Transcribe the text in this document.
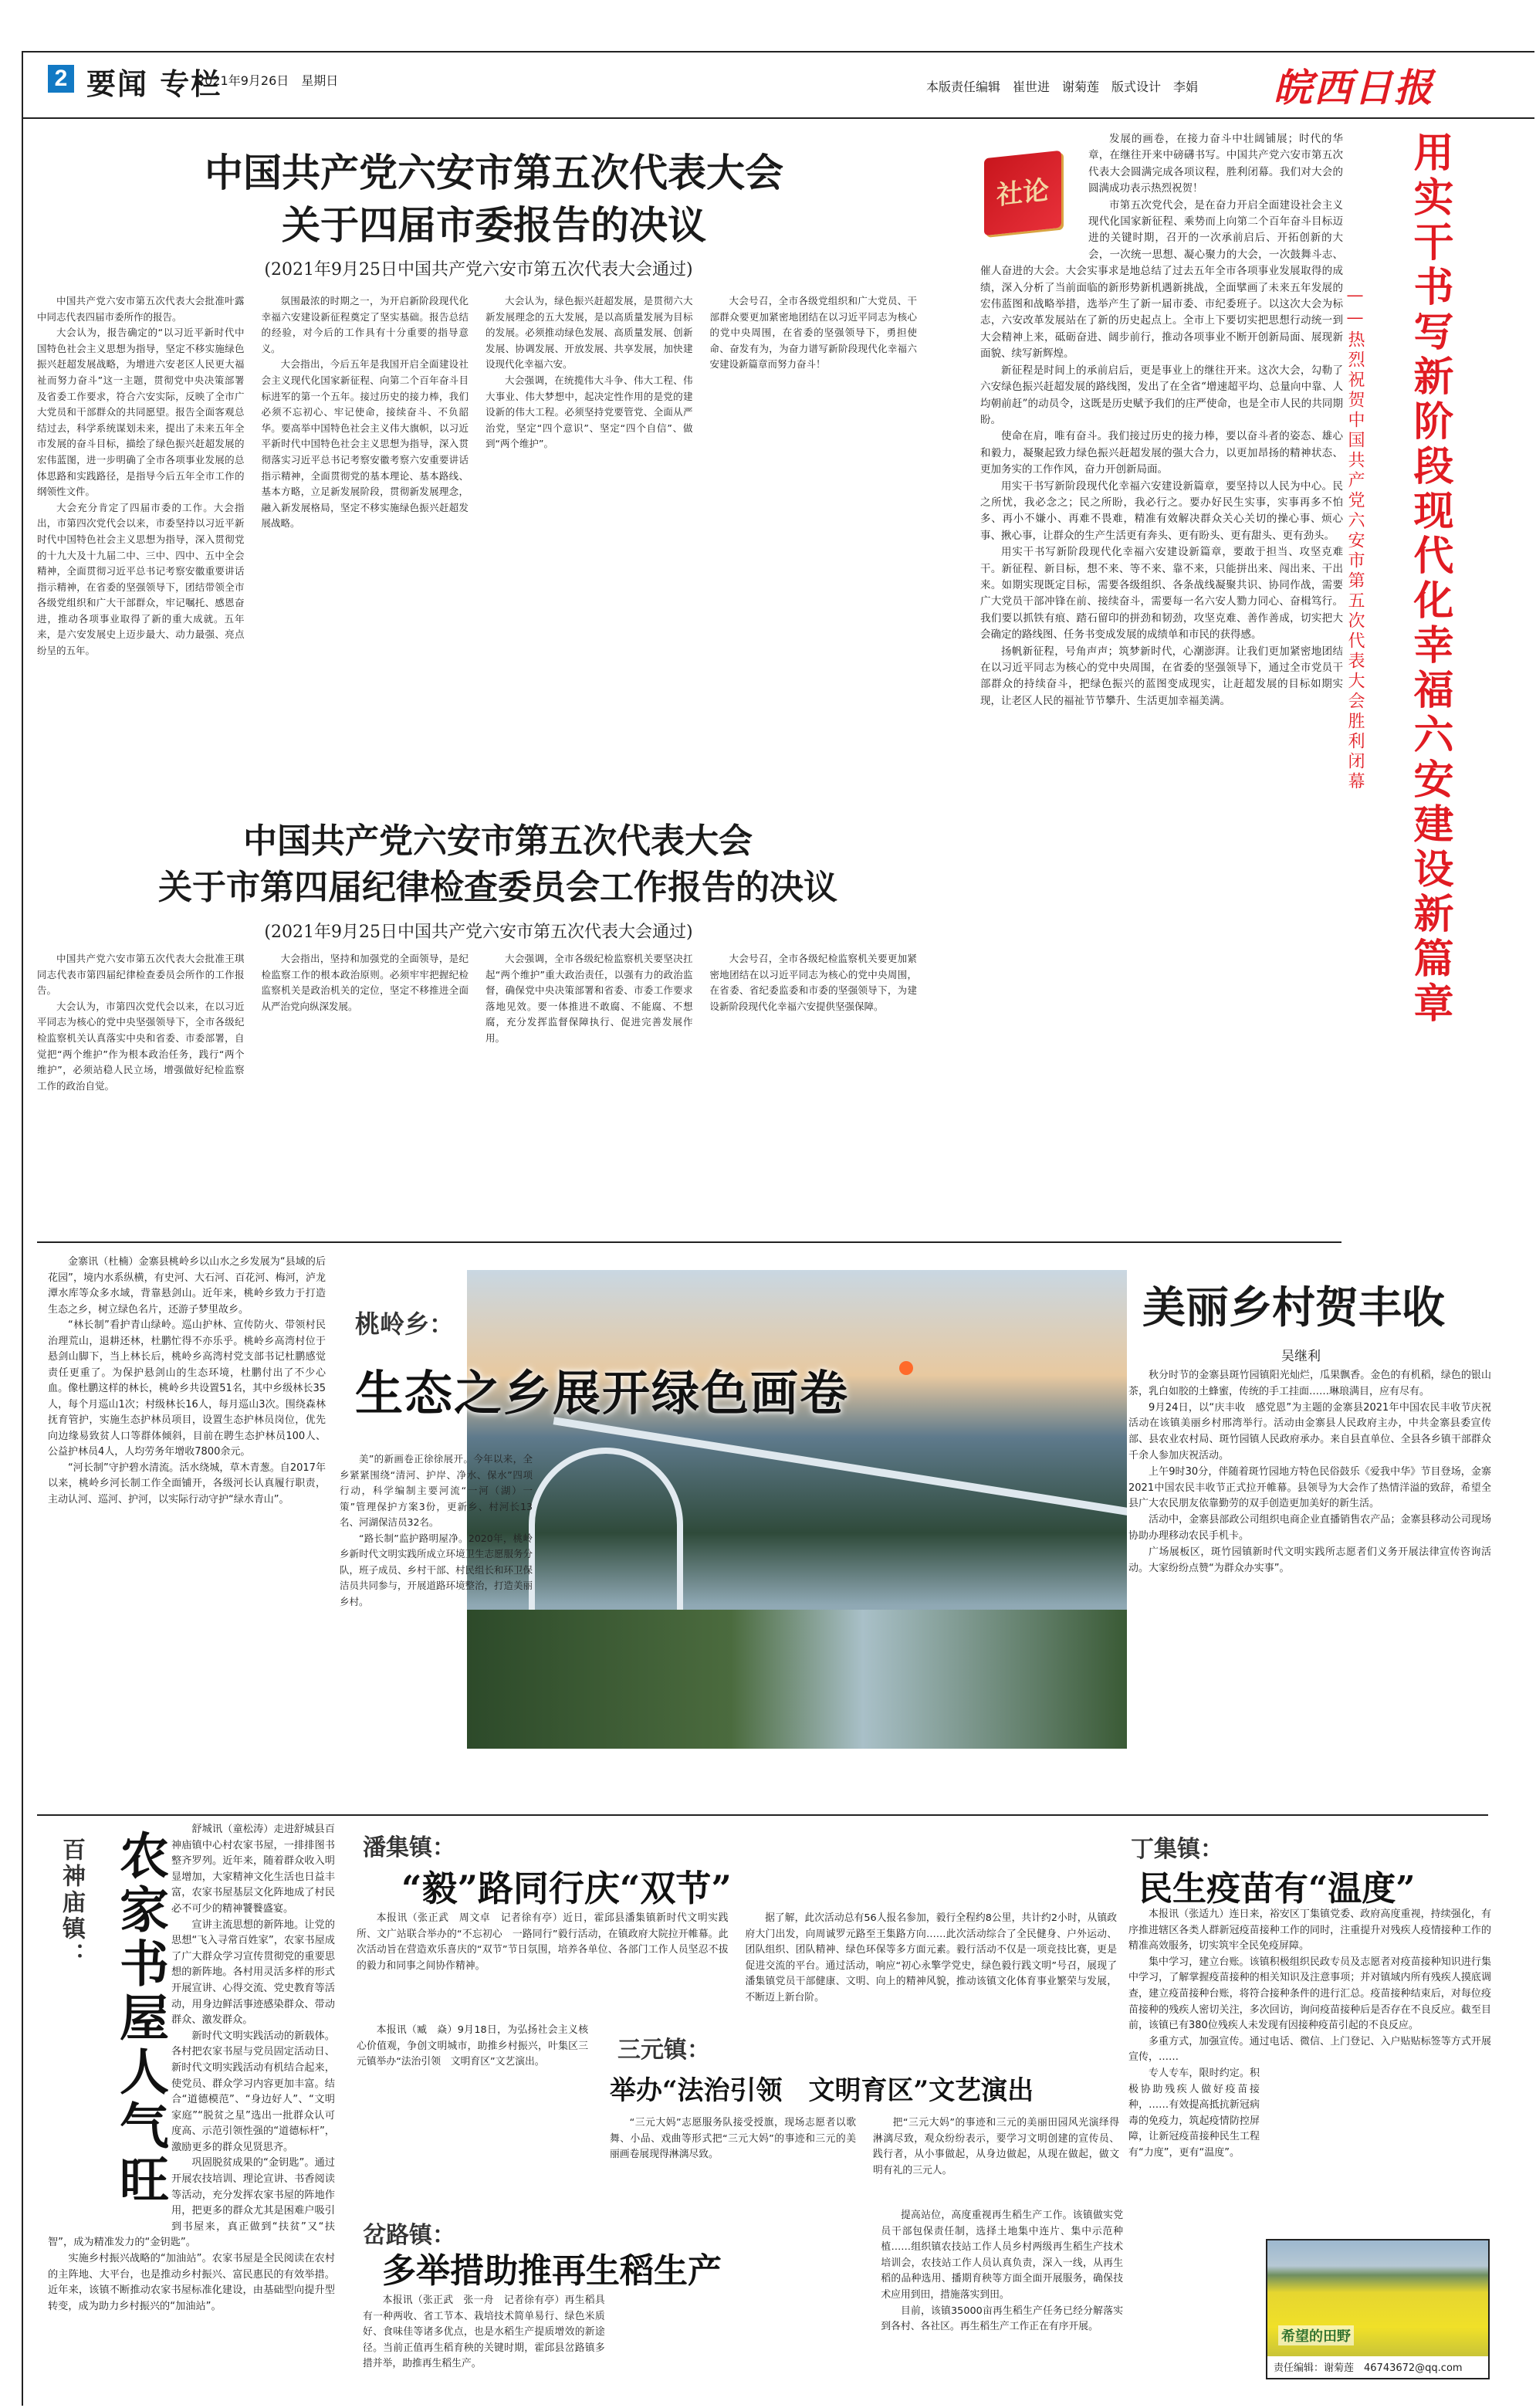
2 要闻 专栏
2021年9月26日　星期日	本版责任编辑　崔世进　谢菊莲　版式设计　李娟 皖西日报
中国共产党六安市第五次代表大会
关于四届市委报告的决议
(2021年9月25日中国共产党六安市第五次代表大会通过)

中国共产党六安市第五次代表大会批准叶露中同志代表四届市委所作的报告。

大会认为，报告确定的“以习近平新时代中国特色社会主义思想为指导，坚定不移实施绿色振兴赶超发展战略，为增进六安老区人民更大福祉而努力奋斗”这一主题，贯彻党中央决策部署及省委工作要求，符合六安实际，反映了全市广大党员和干部群众的共同愿望。报告全面客观总结过去，科学系统谋划未来，提出了未来五年全市发展的奋斗目标，描绘了绿色振兴赶超发展的宏伟蓝图，进一步明确了全市各项事业发展的总体思路和实践路径，是指导今后五年全市工作的纲领性文件。

大会充分肯定了四届市委的工作。大会指出，市第四次党代会以来，市委坚持以习近平新时代中国特色社会主义思想为指导，深入贯彻党的十九大及十九届二中、三中、四中、五中全会精神，全面贯彻习近平总书记考察安徽重要讲话指示精神，在省委的坚强领导下，团结带领全市各级党组织和广大干部群众，牢记嘱托、感恩奋进，推动各项事业取得了新的重大成就。五年来，是六安发展史上迈步最大、动力最强、亮点纷呈的五年。

氛围最浓的时期之一，为开启新阶段现代化幸福六安建设新征程奠定了坚实基础。报告总结的经验，对今后的工作具有十分重要的指导意义。

大会指出，今后五年是我国开启全面建设社会主义现代化国家新征程、向第二个百年奋斗目标进军的第一个五年。接过历史的接力棒，我们必须不忘初心、牢记使命，接续奋斗、不负韶华。要高举中国特色社会主义伟大旗帜，以习近平新时代中国特色社会主义思想为指导，深入贯彻落实习近平总书记考察安徽考察六安重要讲话指示精神，全面贯彻党的基本理论、基本路线、基本方略，立足新发展阶段，贯彻新发展理念，融入新发展格局，坚定不移实施绿色振兴赶超发展战略。

大会认为，绿色振兴赶超发展，是贯彻六大新发展理念的五大发展，是以高质量发展为目标的发展。必须推动绿色发展、高质量发展、创新发展、协调发展、开放发展、共享发展，加快建设现代化幸福六安。

大会强调，在统揽伟大斗争、伟大工程、伟大事业、伟大梦想中，起决定性作用的是党的建设新的伟大工程。必须坚持党要管党、全面从严治党，坚定“四个意识”、坚定“四个自信”、做到“两个维护”。

大会号召，全市各级党组织和广大党员、干部群众要更加紧密地团结在以习近平同志为核心的党中央周围，在省委的坚强领导下，勇担使命、奋发有为，为奋力谱写新阶段现代化幸福六安建设新篇章而努力奋斗！

社论

发展的画卷，在接力奋斗中壮阔铺展；时代的华章，在继往开来中磅礴书写。中国共产党六安市第五次代表大会圆满完成各项议程，胜利闭幕。我们对大会的圆满成功表示热烈祝贺！

市第五次党代会，是在奋力开启全面建设社会主义现代化国家新征程、乘势而上向第二个百年奋斗目标迈进的关键时期，召开的一次承前启后、开拓创新的大会，一次统一思想、凝心聚力的大会，一次鼓舞斗志、催人奋进的大会。大会实事求是地总结了过去五年全市各项事业发展取得的成绩，深入分析了当前面临的新形势新机遇新挑战，全面擘画了未来五年发展的宏伟蓝图和战略举措，选举产生了新一届市委、市纪委班子。以这次大会为标志，六安改革发展站在了新的历史起点上。全市上下要切实把思想行动统一到大会精神上来，砥砺奋进、阔步前行，推动各项事业不断开创新局面、展现新面貌、续写新辉煌。

新征程是时间上的承前启后，更是事业上的继往开来。这次大会，勾勒了六安绿色振兴赶超发展的路线图，发出了在全省“增速超平均、总量向中靠、人均朝前赶”的动员令，这既是历史赋予我们的庄严使命，也是全市人民的共同期盼。

使命在肩，唯有奋斗。我们接过历史的接力棒，要以奋斗者的姿态、雄心和毅力，凝聚起致力绿色振兴赶超发展的强大合力，以更加昂扬的精神状态、更加务实的工作作风，奋力开创新局面。

用实干书写新阶段现代化幸福六安建设新篇章，要坚持以人民为中心。民之所忧，我必念之；民之所盼，我必行之。要办好民生实事，实事再多不怕多、再小不嫌小、再难不畏难，精准有效解决群众关心关切的操心事、烦心事、揪心事，让群众的生产生活更有奔头、更有盼头、更有甜头、更有劲头。

用实干书写新阶段现代化幸福六安建设新篇章，要敢于担当、攻坚克难干。新征程、新目标，想不来、等不来、靠不来，只能拼出来、闯出来、干出来。如期实现既定目标，需要各级组织、各条战线凝聚共识、协同作战，需要广大党员干部冲锋在前、接续奋斗，需要每一名六安人勠力同心、奋楫笃行。我们要以抓铁有痕、踏石留印的拼劲和韧劲，攻坚克难、善作善成，切实把大会确定的路线图、任务书变成发展的成绩单和市民的获得感。

扬帆新征程，号角声声；筑梦新时代，心潮澎湃。让我们更加紧密地团结在以习近平同志为核心的党中央周围，在省委的坚强领导下，通过全市党员干部群众的持续奋斗，把绿色振兴的蓝图变成现实，让赶超发展的目标如期实现，让老区人民的福祉节节攀升、生活更加幸福美满。	用实干书写新阶段现代化幸福六安建设新篇章
——热烈祝贺中国共产党六安市第五次代表大会胜利闭幕
中国共产党六安市第五次代表大会
关于市第四届纪律检查委员会工作报告的决议
(2021年9月25日中国共产党六安市第五次代表大会通过)

中国共产党六安市第五次代表大会批准王琪同志代表市第四届纪律检查委员会所作的工作报告。

大会认为，市第四次党代会以来，在以习近平同志为核心的党中央坚强领导下，全市各级纪检监察机关认真落实中央和省委、市委部署，自觉把“两个维护”作为根本政治任务，践行“两个维护”，必须站稳人民立场，增强做好纪检监察工作的政治自觉。

大会指出，坚持和加强党的全面领导，是纪检监察工作的根本政治原则。必须牢牢把握纪检监察机关是政治机关的定位，坚定不移推进全面从严治党向纵深发展。

大会强调，全市各级纪检监察机关要坚决扛起“两个维护”重大政治责任，以强有力的政治监督，确保党中央决策部署和省委、市委工作要求落地见效。要一体推进不敢腐、不能腐、不想腐，充分发挥监督保障执行、促进完善发展作用。

大会号召，全市各级纪检监察机关要更加紧密地团结在以习近平同志为核心的党中央周围，在省委、省纪委监委和市委的坚强领导下，为建设新阶段现代化幸福六安提供坚强保障。

金寨讯（杜楠）金寨县桃岭乡以山水之乡发展为“县域的后花园”，境内水系纵横，有史河、大石河、百花河、梅河，泸龙潭水库等众多水域，背靠悬剑山。近年来，桃岭乡致力于打造生态之乡，树立绿色名片，还游子梦里故乡。

“林长制”看护青山绿岭。巡山护林、宣传防火、带领村民治理荒山，退耕还林，杜鹏忙得不亦乐乎。桃岭乡高湾村位于悬剑山脚下，当上林长后，桃岭乡高湾村党支部书记杜鹏感觉责任更重了。为保护悬剑山的生态环境，杜鹏付出了不少心血。像杜鹏这样的林长，桃岭乡共设置51名，其中乡级林长35人，每个月巡山1次；村级林长16人，每月巡山3次。围绕森林抚育管护，实施生态护林员项目，设置生态护林员岗位，优先向边缘易致贫人口等群体倾斜，目前在聘生态护林员100人、公益护林员4人，人均劳务年增收7800余元。

“河长制”守护碧水清流。活水绕城，草木青葱。自2017年以来，桃岭乡河长制工作全面铺开，各级河长认真履行职责，主动认河、巡河、护河，以实际行动守护“绿水青山”。

桃岭乡：
生态之乡展开绿色画卷

美”的新画卷正徐徐展开。今年以来，全乡紧紧围绕“清河、护岸、净水、保水”四项行动，科学编制主要河流“一河（湖）一策”管理保护方案3份，更新乡、村河长13名、河湖保洁员32名。

“路长制”监护路明屋净。2020年，桃岭乡新时代文明实践所成立环境卫生志愿服务分队，班子成员、乡村干部、村民组长和环卫保洁员共同参与，开展道路环境整治，打造美丽乡村。

美丽乡村贺丰收
吴继利

秋分时节的金寨县斑竹园镇阳光灿烂，瓜果飘香。金色的有机稻，绿色的银山茶，乳白如胶的土蜂蜜，传统的手工挂面……琳琅满目，应有尽有。

9月24日，以“庆丰收　感党恩”为主题的金寨县2021年中国农民丰收节庆祝活动在该镇美丽乡村邢湾举行。活动由金寨县人民政府主办，中共金寨县委宣传部、县农业农村局、斑竹园镇人民政府承办。来自县直单位、全县各乡镇干部群众千余人参加庆祝活动。

上午9时30分，伴随着斑竹园地方特色民俗鼓乐《爱我中华》节目登场，金寨2021中国农民丰收节正式拉开帷幕。县领导为大会作了热情洋溢的致辞，希望全县广大农民朋友依靠勤劳的双手创造更加美好的新生活。

活动中，金寨县部政公司组织电商企业直播销售农产品；金寨县移动公司现场协助办理移动农民手机卡。

广场展板区，斑竹园镇新时代文明实践所志愿者们义务开展法律宣传咨询活动。大家纷纷点赞“为群众办实事”。

百神庙镇： 农家书屋人气旺

舒城讯（童松涛）走进舒城县百神庙镇中心村农家书屋，一排排图书整齐罗列。近年来，随着群众收入明显增加，大家精神文化生活也日益丰富，农家书屋基层文化阵地成了村民必不可少的精神饕餮盛宴。

宣讲主流思想的新阵地。让党的思想“飞入寻常百姓家”，农家书屋成了广大群众学习宣传贯彻党的重要思想的新阵地。各村用灵活多样的形式开展宣讲、心得交流、党史教育等活动，用身边鲜活事迹感染群众、带动群众、激发群众。

新时代文明实践活动的新载体。各村把农家书屋与党员固定活动日、新时代文明实践活动有机结合起来，使党员、群众学习内容更加丰富。结合“道德模范”、“身边好人”、“文明家庭”“脱贫之星”选出一批群众认可度高、示范引领性强的“道德标杆”，激励更多的群众见贤思齐。

巩固脱贫成果的“金钥匙”。通过开展农技培训、理论宣讲、书香阅读等活动，充分发挥农家书屋的阵地作用，把更多的群众尤其是困难户吸引到书屋来，真正做到“扶贫”又“扶智”，成为精准发力的“金钥匙”。

实施乡村振兴战略的“加油站”。农家书屋是全民阅读在农村的主阵地、大平台，也是推动乡村振兴、富民惠民的有效举措。近年来，该镇不断推动农家书屋标准化建设，由基础型向提升型转变，成为助力乡村振兴的“加油站”。

潘集镇：
“毅”路同行庆“双节”

本报讯（张正武　周文卓　记者徐有亭）近日，霍邱县潘集镇新时代文明实践所、文广站联合举办的“不忘初心　一路同行”毅行活动，在镇政府大院拉开帷幕。此次活动旨在营造欢乐喜庆的“双节”节日氛围，培养各单位、各部门工作人员坚忍不拔的毅力和同事之间协作精神。

据了解，此次活动总有56人报名参加，毅行全程约8公里，共计约2小时，从镇政府大门出发，向周诚罗元路至王集路方向……此次活动综合了全民健身、户外运动、团队组织、团队精神、绿色环保等多方面元素。毅行活动不仅是一项竞技比赛，更是促进交流的平台。通过活动，响应“初心永擎学党史，绿色毅行践文明”号召，展现了潘集镇党员干部健康、文明、向上的精神风貌，推动该镇文化体育事业繁荣与发展，不断迈上新台阶。

本报讯（臧　焱）9月18日，为弘扬社会主义核心价值观，争创文明城市，助推乡村振兴，叶集区三元镇举办“法治引领　文明育区”文艺演出。	三元镇：
举办“法治引领　文明育区”文艺演出

“三元大妈”志愿服务队接受授旗，现场志愿者以歌舞、小品、戏曲等形式把“三元大妈”的事迹和三元的美丽画卷展现得淋漓尽致。

把“三元大妈”的事迹和三元的美丽田园风光演绎得淋漓尽致，观众纷纷表示，要学习文明创建的宣传员、践行者，从小事做起，从身边做起，从现在做起，做文明有礼的三元人。

岔路镇：
多举措助推再生稻生产

本报讯（张正武　张一舟　记者徐有亭）再生稻具有一种两收、省工节本、栽培技术简单易行、绿色米质好、食味佳等诸多优点，也是水稻生产提质增效的新途径。当前正值再生稻育秧的关键时期，霍邱县岔路镇多措并举，助推再生稻生产。

提高站位，高度重视再生稻生产工作。该镇做实党员干部包保责任制，选择土地集中连片、集中示范种植……组织镇农技站工作人员乡村两级再生稻生产技术培训会，农技站工作人员认真负责，深入一线，从再生稻的品种选用、播期育秧等方面全面开展服务，确保技术应用到田，措施落实到田。

目前，该镇35000亩再生稻生产任务已经分解落实到各村、各社区。再生稻生产工作正在有序开展。

丁集镇：
民生疫苗有“温度”

本报讯（张适九）连日来，裕安区丁集镇党委、政府高度重视，持续强化，有序推进辖区各类人群新冠疫苗接种工作的同时，注重提升对残疾人疫情接种工作的精准高效服务，切实筑牢全民免疫屏障。

集中学习，建立台账。该镇积极组织民政专员及志愿者对疫苗接种知识进行集中学习，了解掌握疫苗接种的相关知识及注意事项；并对镇域内所有残疾人摸底调查，建立疫苗接种台账，将符合接种条件的进行汇总。疫苗接种结束后，对每位疫苗接种的残疾人密切关注，多次回访，询问疫苗接种后是否存在不良反应。截至目前，该镇已有380位残疾人未发现有因接种疫苗引起的不良反应。

多重方式，加强宣传。通过电话、微信、上门登记、入户贴贴标签等方式开展宣传，……

专人专车，限时约定。积极协助残疾人做好疫苗接种，……有效提高抵抗新冠病毒的免疫力，筑起疫情防控屏障，让新冠疫苗接种民生工程有“力度”，更有“温度”。

希望的田野
责任编辑：谢菊莲　46743672@qq.com
